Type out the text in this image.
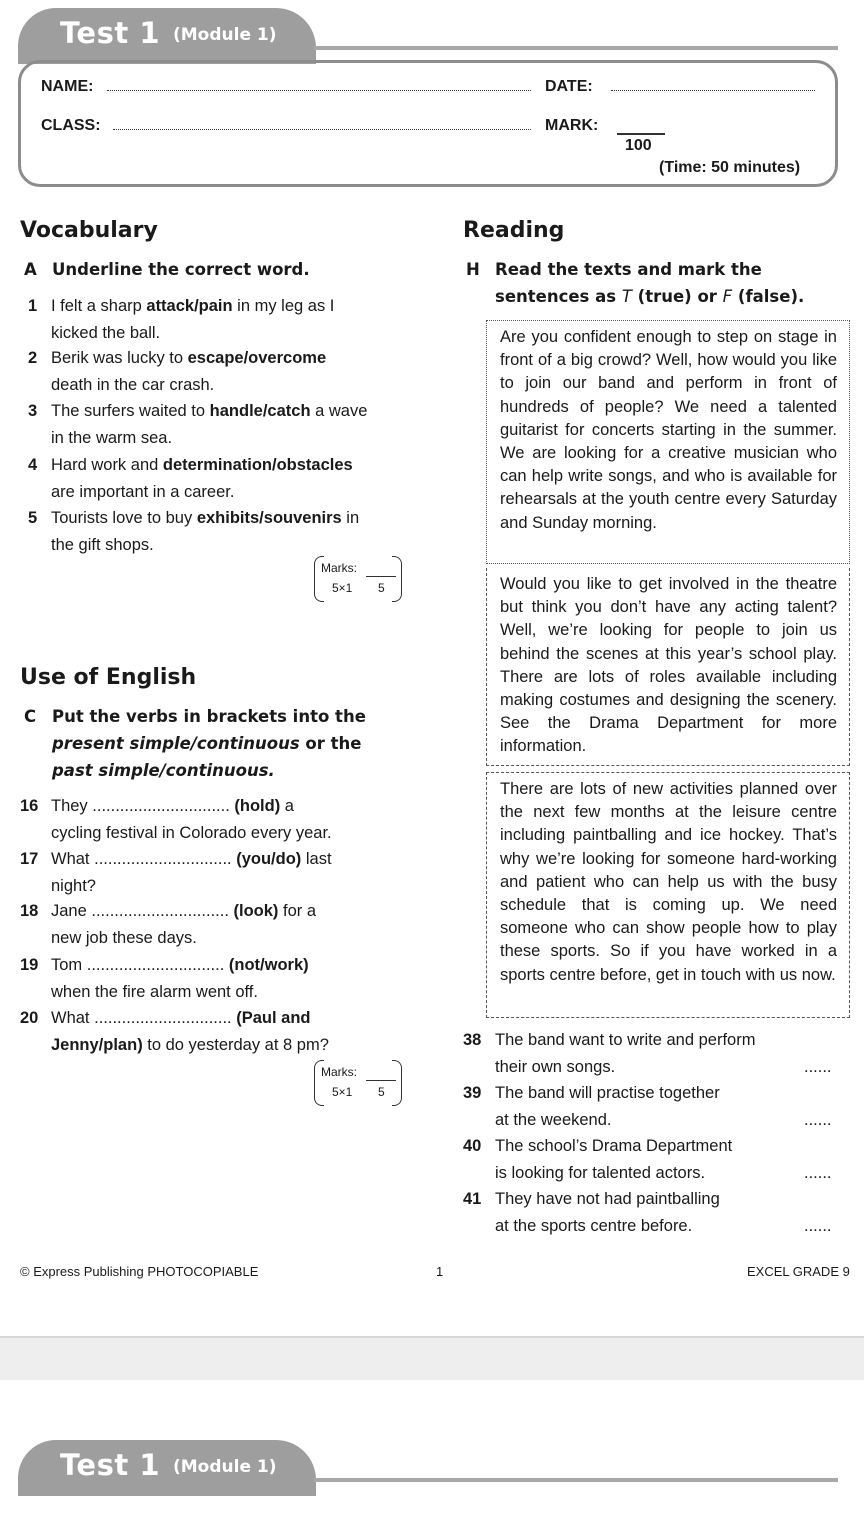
Test 1 (Module 1)
NAME:	DATE:
CLASS:	MARK:
100
(Time: 50 minutes)
Vocabulary
A Underline the correct word.
1 I felt a sharp attack/pain in my leg as I
kicked the ball.
2 Berik was lucky to escape/overcome
death in the car crash.
3 The surfers waited to handle/catch a wave
in the warm sea.
4 Hard work and determination/obstacles
are important in a career.
5 Tourists love to buy exhibits/souvenirs in
the gift shops.
Marks:
5×1 5
Use of English
C Put the verbs in brackets into the
present simple/continuous or the
past simple/continuous.
16 They .............................. (hold) a
cycling festival in Colorado every year.
17 What .............................. (you/do) last
night?
18 Jane .............................. (look) for a
new job these days.
19 Tom .............................. (not/work)
when the fire alarm went off.
20 What .............................. (Paul and
Jenny/plan) to do yesterday at 8 pm?
Marks:
5×1 5
Reading
H Read the texts and mark the
sentences as T (true) or F (false).
Are you confident enough to step on stage in front of a big crowd? Well, how would you like to join our band and perform in front of hundreds of people? We need a talented guitarist for concerts starting in the summer. We are looking for a creative musician who can help write songs, and who is available for rehearsals at the youth centre every Saturday and Sunday morning.
Would you like to get involved in the theatre but think you don’t have any acting talent? Well, we’re looking for people to join us behind the scenes at this year’s school play. There are lots of roles available including making costumes and designing the scenery. See the Drama Department for more information.
There are lots of new activities planned over the next few months at the leisure centre including paintballing and ice hockey. That’s why we’re looking for someone hard-working and patient who can help us with the busy schedule that is coming up. We need someone who can show people how to play these sports. So if you have worked in a sports centre before, get in touch with us now.
38 The band want to write and perform
their own songs.	......
39 The band will practise together
at the weekend.	......
40 The school’s Drama Department
is looking for talented actors.	......
41 They have not had paintballing
at the sports centre before.	......
© Express Publishing PHOTOCOPIABLE	1	EXCEL GRADE 9
Test 1 (Module 1)
